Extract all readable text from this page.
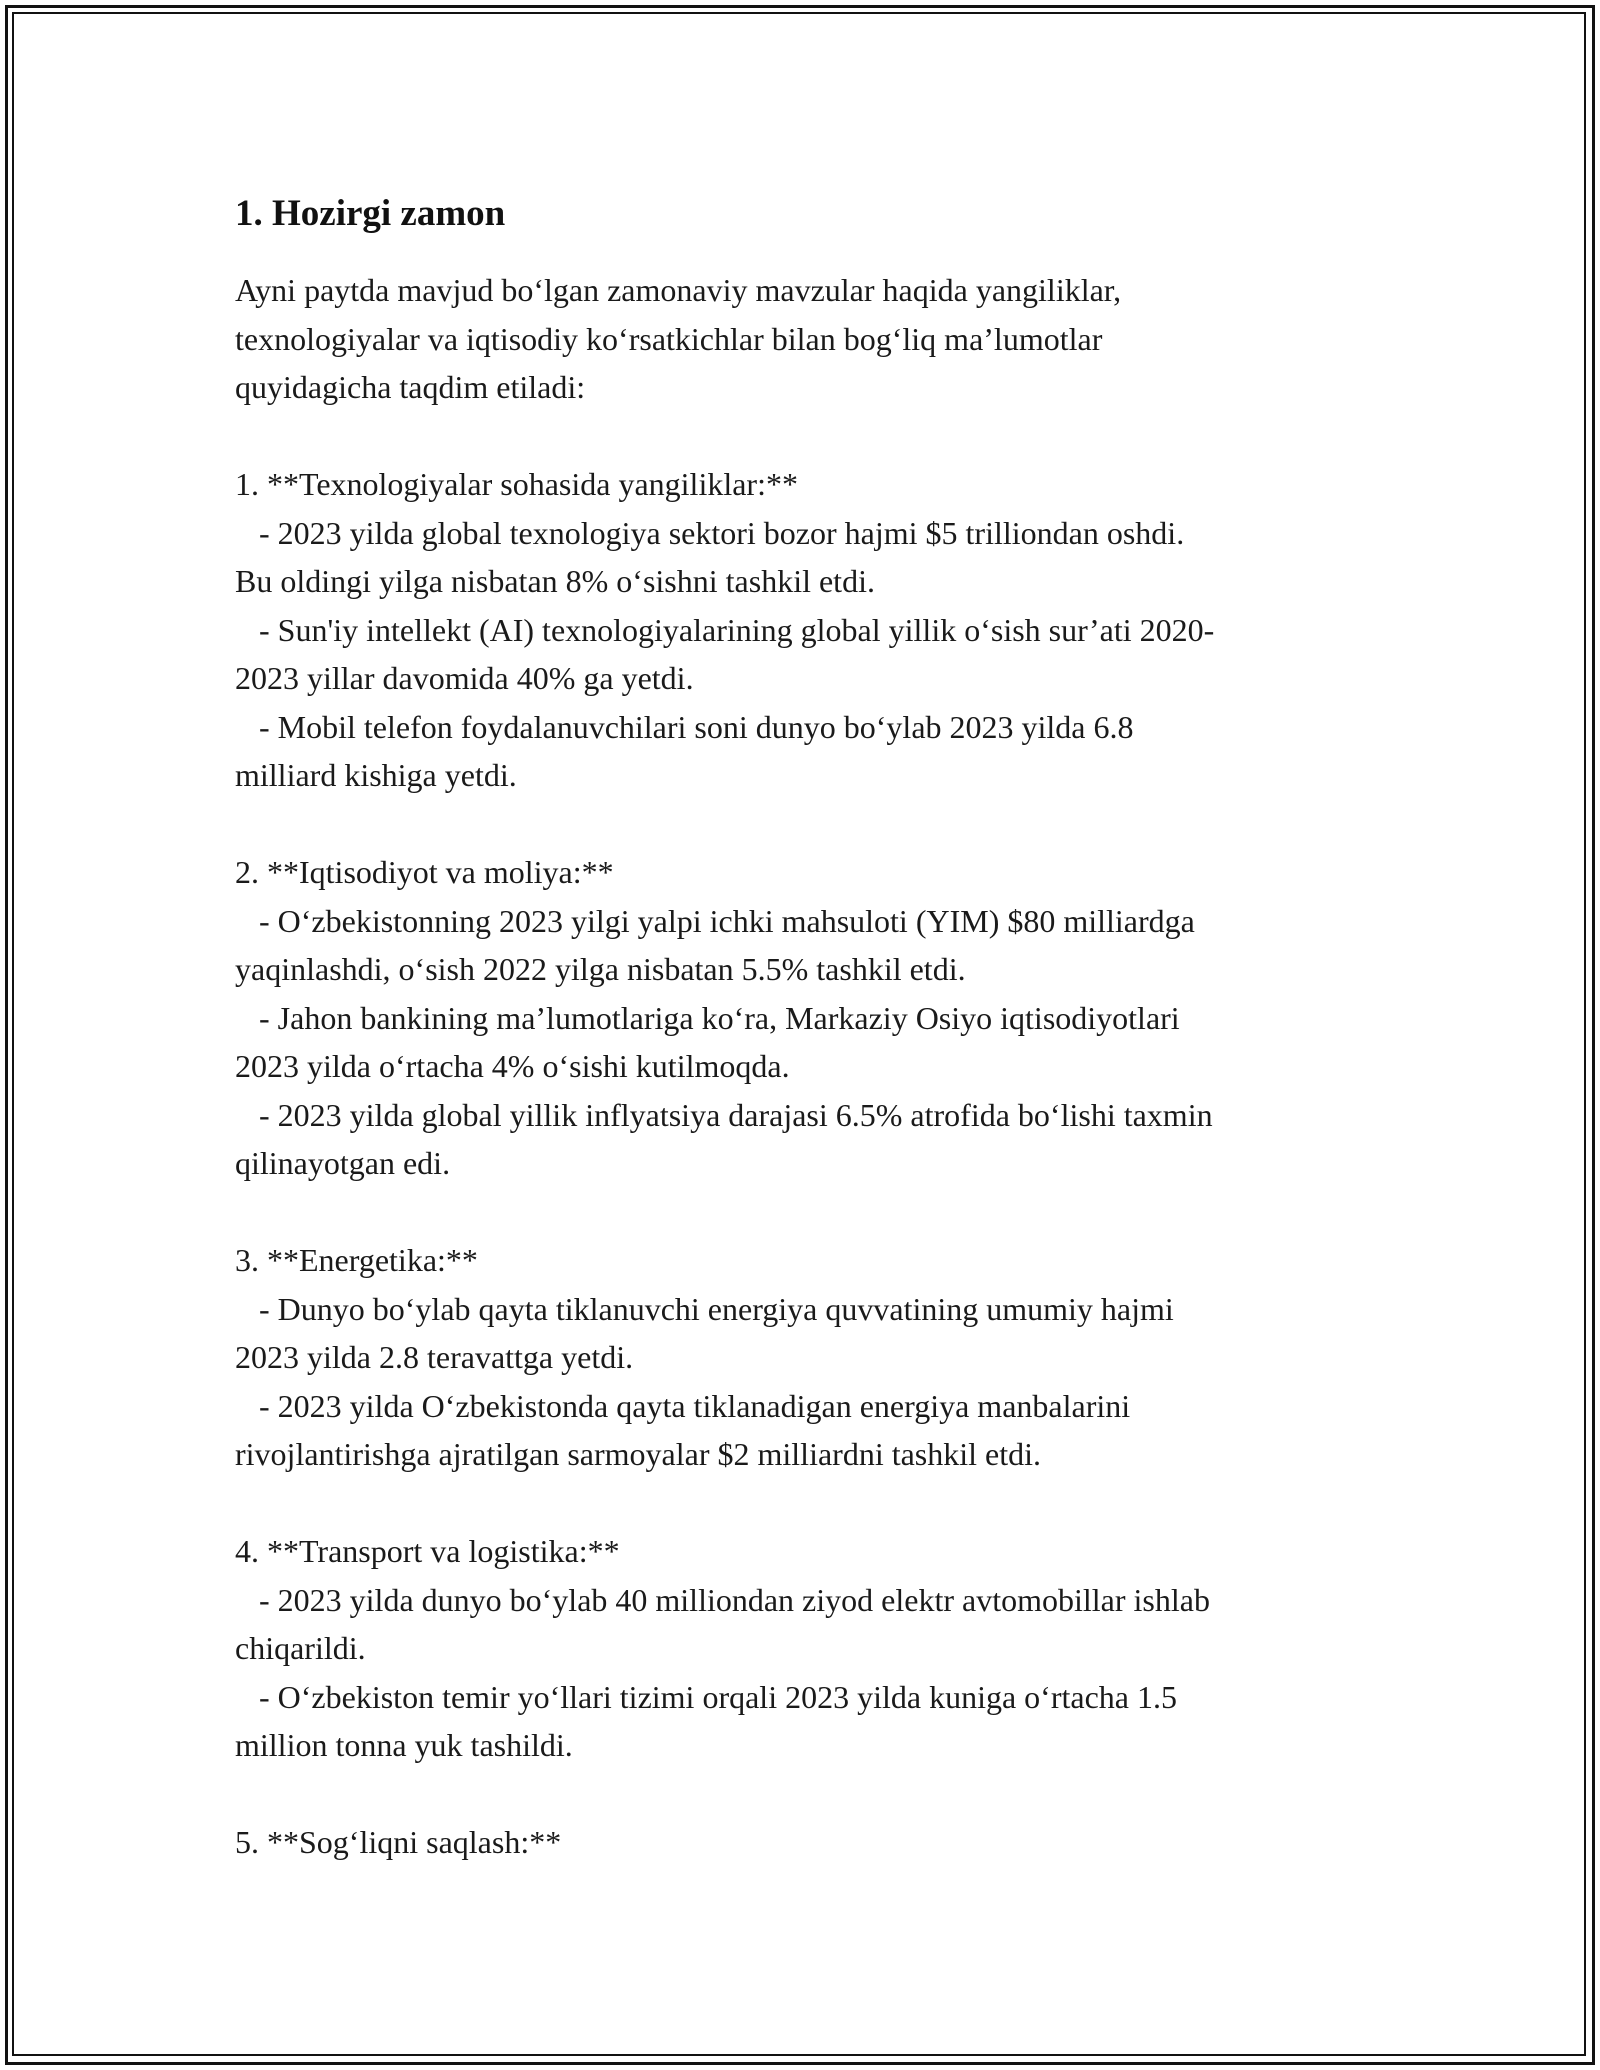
1. Hozirgi zamon
Ayni paytda mavjud bo‘lgan zamonaviy mavzular haqida yangiliklar,
texnologiyalar va iqtisodiy ko‘rsatkichlar bilan bog‘liq ma’lumotlar
quyidagicha taqdim etiladi:
1. **Texnologiyalar sohasida yangiliklar:**
- 2023 yilda global texnologiya sektori bozor hajmi $5 trilliondan oshdi.
Bu oldingi yilga nisbatan 8% o‘sishni tashkil etdi.
- Sun'iy intellekt (AI) texnologiyalarining global yillik o‘sish sur’ati 2020-
2023 yillar davomida 40% ga yetdi.
- Mobil telefon foydalanuvchilari soni dunyo bo‘ylab 2023 yilda 6.8
milliard kishiga yetdi.
2. **Iqtisodiyot va moliya:**
- O‘zbekistonning 2023 yilgi yalpi ichki mahsuloti (YIM) $80 milliardga
yaqinlashdi, o‘sish 2022 yilga nisbatan 5.5% tashkil etdi.
- Jahon bankining ma’lumotlariga ko‘ra, Markaziy Osiyo iqtisodiyotlari
2023 yilda o‘rtacha 4% o‘sishi kutilmoqda.
- 2023 yilda global yillik inflyatsiya darajasi 6.5% atrofida bo‘lishi taxmin
qilinayotgan edi.
3. **Energetika:**
- Dunyo bo‘ylab qayta tiklanuvchi energiya quvvatining umumiy hajmi
2023 yilda 2.8 teravattga yetdi.
- 2023 yilda O‘zbekistonda qayta tiklanadigan energiya manbalarini
rivojlantirishga ajratilgan sarmoyalar $2 milliardni tashkil etdi.
4. **Transport va logistika:**
- 2023 yilda dunyo bo‘ylab 40 milliondan ziyod elektr avtomobillar ishlab
chiqarildi.
- O‘zbekiston temir yo‘llari tizimi orqali 2023 yilda kuniga o‘rtacha 1.5
million tonna yuk tashildi.
5. **Sog‘liqni saqlash:**
